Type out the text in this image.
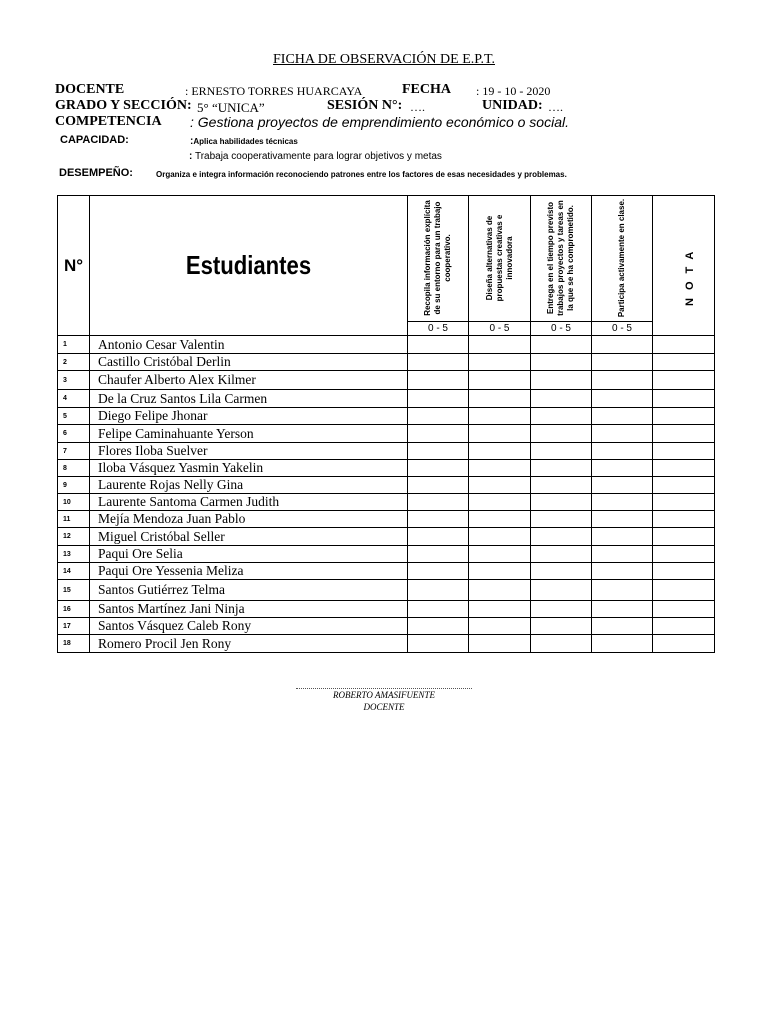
FICHA DE OBSERVACIÓN DE E.P.T.
DOCENTE	: ERNESTO TORRES HUARCAYA	FECHA : 19 - 10 - 2020
GRADO Y SECCIÓN: 5° “UNICA”	SESIÓN N°: ….	UNIDAD: ….
COMPETENCIA : Gestiona proyectos de emprendimiento económico o social.
CAPACIDAD:	:Aplica habilidades técnicas
: Trabaja cooperativamente para lograr objetivos y metas
DESEMPEÑO:	Organiza e integra información reconociendo patrones entre los factores de esas necesidades y problemas.
N°	Estudiantes	Recopila información explícita de su entorno para un trabajo cooperativo.	Diseña alternativas de propuestas creativas e innovadora	Entrega en el tiempo previsto trabajos proyectos y tareas en la que se ha comprometido.	Participa activamente en clase.	NOTA

		0 - 5	0 - 5	0 - 5	0 - 5	
1	Antonio Cesar Valentin					
2	Castillo Cristóbal Derlin					
3	Chaufer Alberto Alex Kilmer					
4	De la Cruz Santos Lila Carmen					
5	Diego Felipe Jhonar					
6	Felipe Caminahuante Yerson					
7	Flores Iloba Suelver					
8	Iloba Vásquez Yasmin Yakelin					
9	Laurente Rojas Nelly Gina					
10	Laurente Santoma Carmen Judith					
11	Mejía Mendoza Juan Pablo					
12	Miguel Cristóbal Seller					
13	Paqui Ore Selia					
14	Paqui Ore Yessenia Meliza					
15	Santos Gutiérrez Telma					
16	Santos Martínez Jani Ninja					
17	Santos Vásquez Caleb Rony					
18	Romero Procil Jen Rony					
ROBERTO AMASIFUENTE
DOCENTE
